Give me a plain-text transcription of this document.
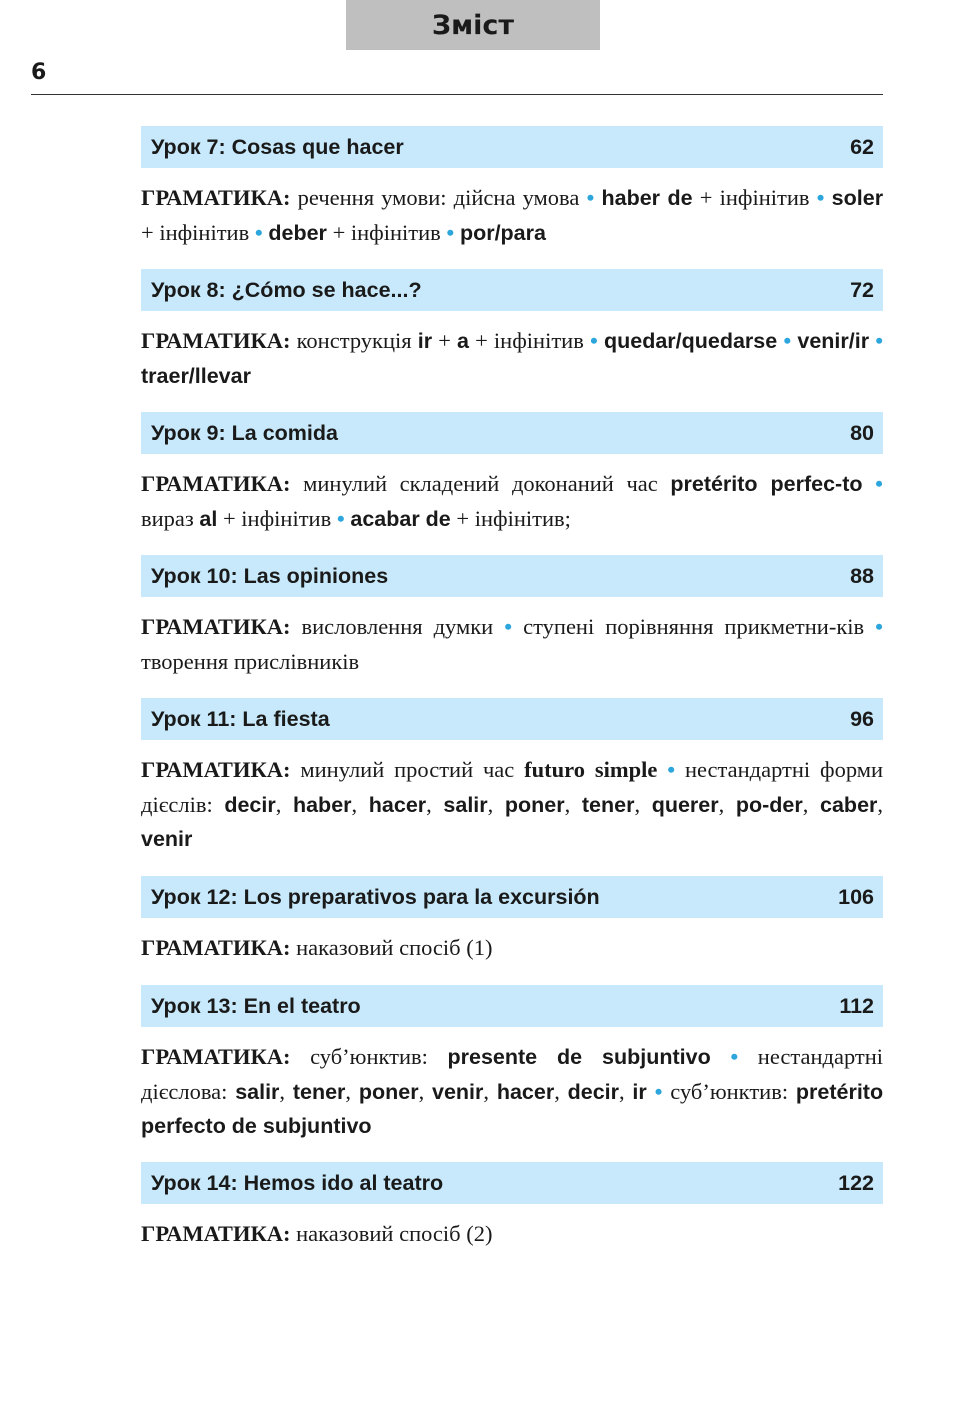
Зміст
6
Урок 7: Cosas que hacer	62
ГРАМАТИКА: речення умови: дійсна умова • haber de + інфінітив • soler + інфінітив • deber + інфінітив • por/para
Урок 8: ¿Cómo se hace...?	72
ГРАМАТИКА: конструкція ir + a + інфінітив • quedar/quedarse • venir/ir • traer/llevar
Урок 9: La comida	80
ГРАМАТИКА: минулий складений доконаний час pretérito perfec-to • вираз al + інфінітив • acabar de + інфінітив;
Урок 10: Las opiniones	88
ГРАМАТИКА: висловлення думки • ступені порівняння прикметни-ків • творення прислівників
Урок 11: La fiesta	96
ГРАМАТИКА: минулий простий час futuro simple • нестандартні форми дієслів: decir, haber, hacer, salir, poner, tener, querer, po-der, caber, venir
Урок 12: Los preparativos para la excursión	106
ГРАМАТИКА: наказовий спосіб (1)
Урок 13: En el teatro	112
ГРАМАТИКА: суб’юнктив: presente de subjuntivo • нестандартні дієслова: salir, tener, poner, venir, hacer, decir, ir • суб’юнктив: pretérito perfecto de subjuntivo
Урок 14: Hemos ido al teatro	122
ГРАМАТИКА: наказовий спосіб (2)
